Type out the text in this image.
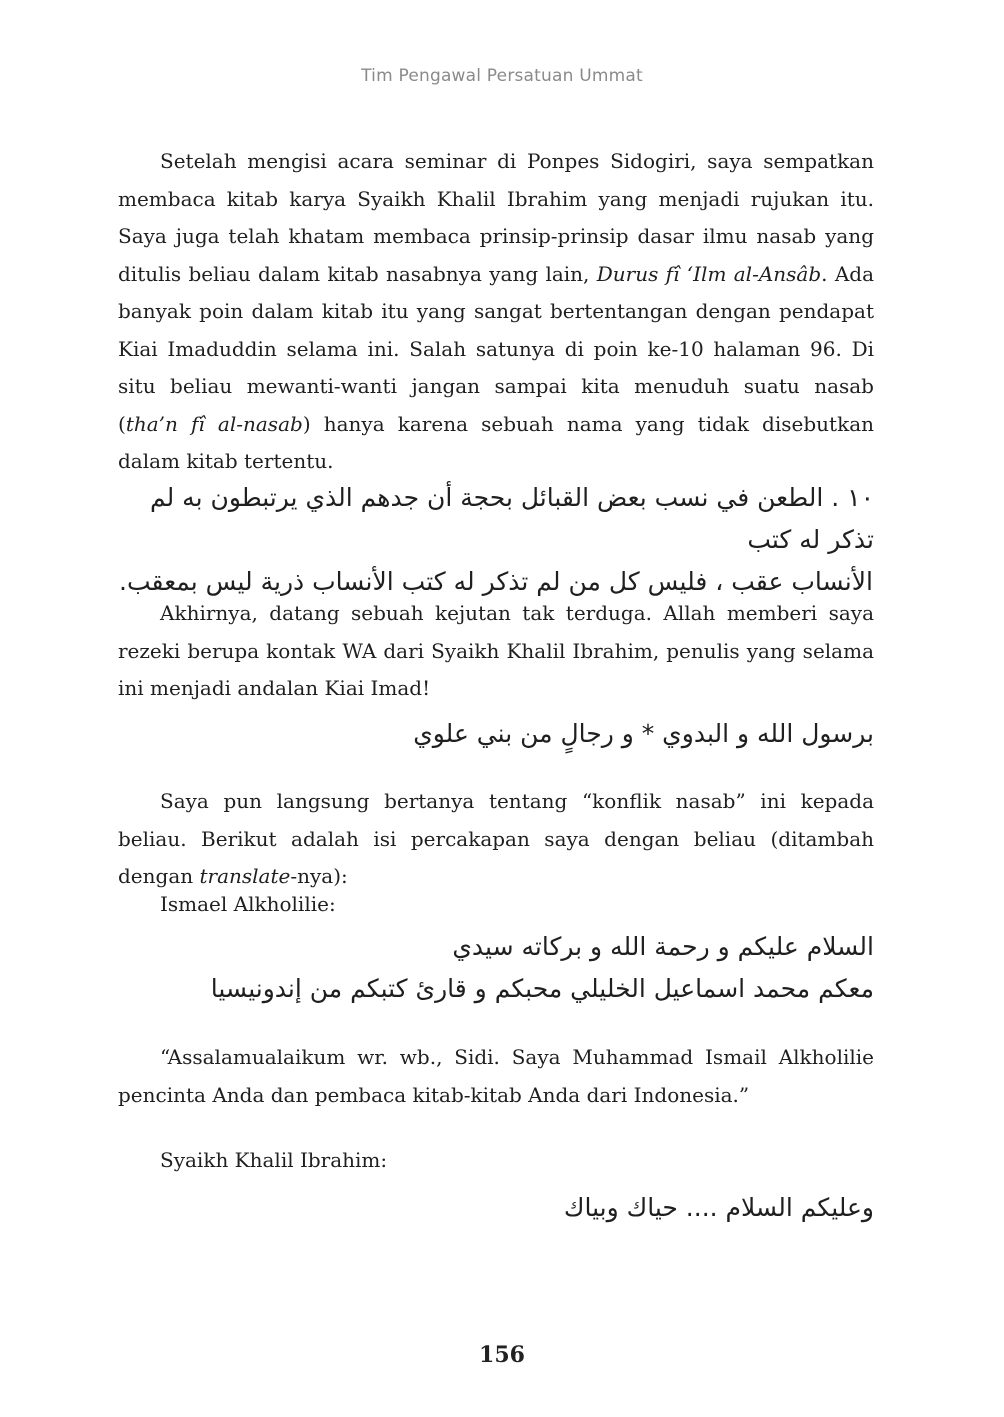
Tim Pengawal Persatuan Ummat

Setelah mengisi acara seminar di Ponpes Sidogiri, saya sempatkan membaca kitab karya Syaikh Khalil Ibrahim yang menjadi rujukan itu. Saya juga telah khatam membaca prinsip-prinsip dasar ilmu nasab yang ditulis beliau dalam kitab nasabnya yang lain, Durus fî ‘Ilm al-Ansâb. Ada banyak poin dalam kitab itu yang sangat bertentangan dengan pendapat Kiai Imaduddin selama ini. Salah satunya di poin ke-10 halaman 96. Di situ beliau mewanti-wanti jangan sampai kita menuduh suatu nasab (tha’n fî al-nasab) hanya karena sebuah nama yang tidak disebutkan dalam kitab tertentu.

١٠ . الطعن في نسب بعض القبائل بحجة أن جدهم الذي يرتبطون به لم تذكر له كتب
الأنساب عقب ، فليس كل من لم تذكر له كتب الأنساب ذرية ليس بمعقب.

Akhirnya, datang sebuah kejutan tak terduga. Allah memberi saya rezeki berupa kontak WA dari Syaikh Khalil Ibrahim, penulis yang selama ini menjadi andalan Kiai Imad!

برسول الله و البدوي * و رجالٍ من بني علوي

Saya pun langsung bertanya tentang “konflik nasab” ini kepada beliau. Berikut adalah isi percakapan saya dengan beliau (ditambah dengan translate-nya):

Ismael Alkholilie:

السلام عليكم و رحمة الله و بركاته سيدي
معكم محمد اسماعيل الخليلي محبكم و قارئ كتبكم من إندونيسيا

“Assalamualaikum wr. wb., Sidi. Saya Muhammad Ismail Alkholilie pencinta Anda dan pembaca kitab-kitab Anda dari Indonesia.”

Syaikh Khalil Ibrahim:

وعليكم السلام .... حياك وبياك
156
